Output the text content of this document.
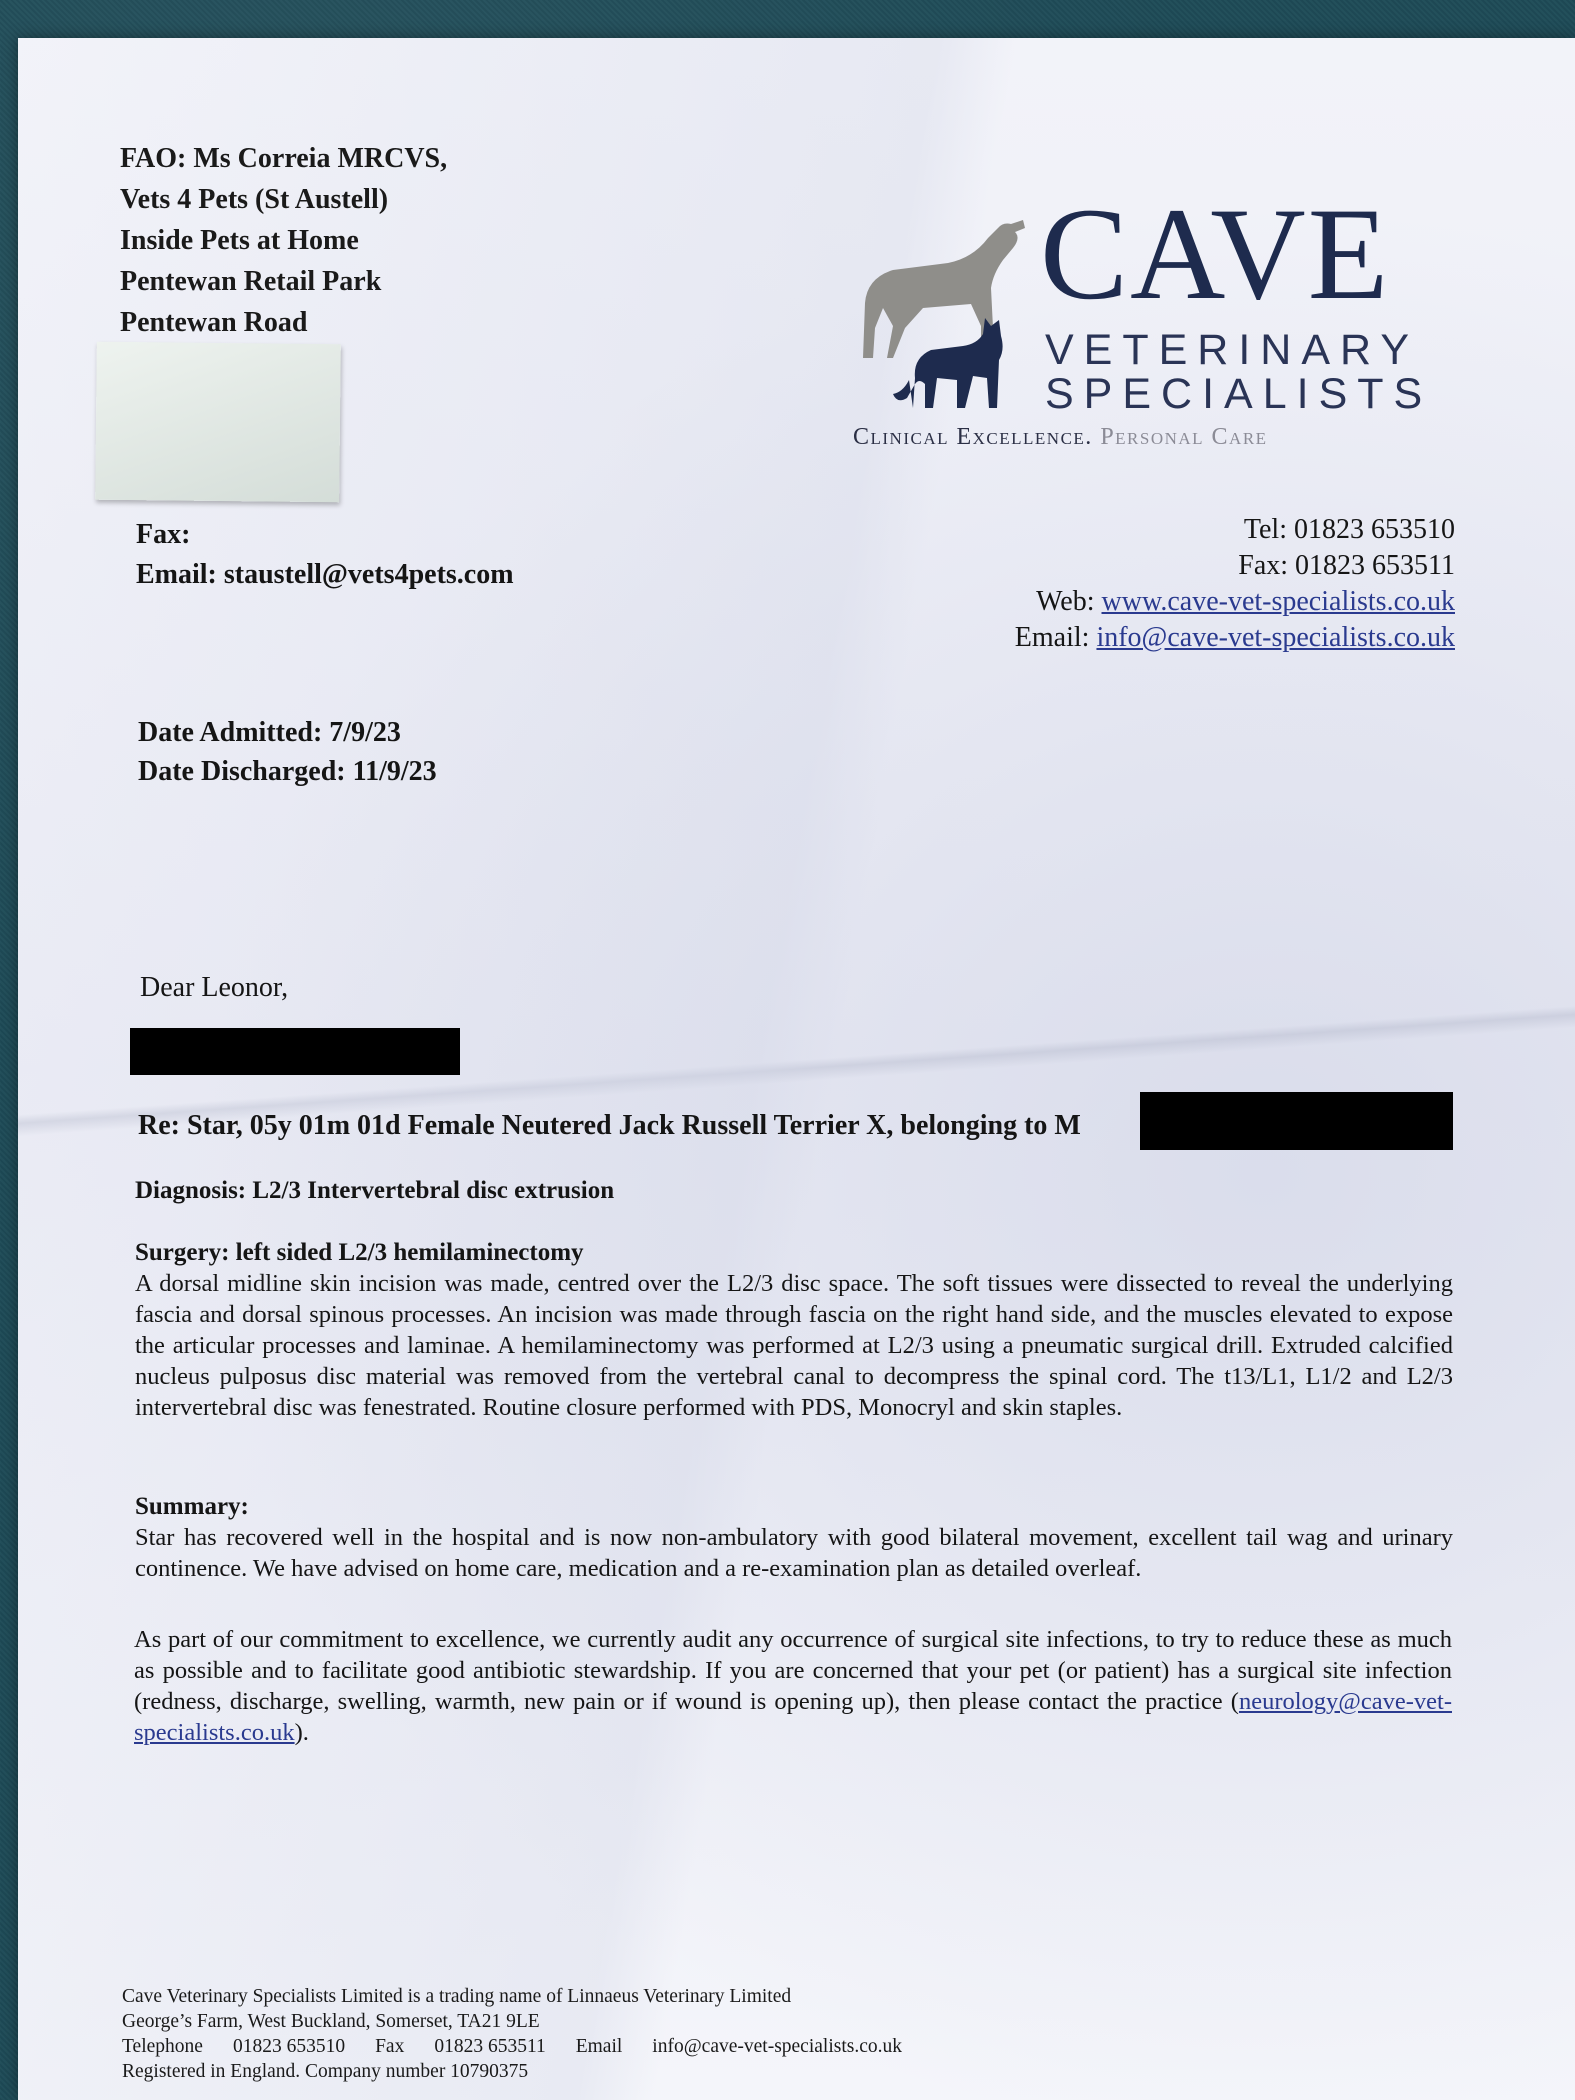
FAO: Ms Correia MRCVS,
Vets 4 Pets (St Austell)
Inside Pets at Home
Pentewan Retail Park
Pentewan Road
Fax:
Email: staustell@vets4pets.com
CAVE
VETERINARY
SPECIALISTS
Clinical Excellence. Personal Care
Tel: 01823 653510
Fax: 01823 653511
Web: www.cave-vet-specialists.co.uk
Email: info@cave-vet-specialists.co.uk
Date Admitted: 7/9/23
Date Discharged: 11/9/23
Dear Leonor,
Re: Star, 05y 01m 01d Female Neutered Jack Russell Terrier X, belonging to M
Diagnosis: L2/3 Intervertebral disc extrusion
Surgery: left sided L2/3 hemilaminectomy
A dorsal midline skin incision was made, centred over the L2/3 disc space. The soft tissues were dissected to reveal the underlying fascia and dorsal spinous processes. An incision was made through fascia on the right hand side, and the muscles elevated to expose the articular processes and laminae. A hemilaminectomy was performed at L2/3 using a pneumatic surgical drill. Extruded calcified nucleus pulposus disc material was removed from the vertebral canal to decompress the spinal cord. The t13/L1, L1/2 and L2/3 intervertebral disc was fenestrated. Routine closure performed with PDS, Monocryl and skin staples.
Summary:
Star has recovered well in the hospital and is now non-ambulatory with good bilateral movement, excellent tail wag and urinary continence. We have advised on home care, medication and a re-examination plan as detailed overleaf.
As part of our commitment to excellence, we currently audit any occurrence of surgical site infections, to try to reduce these as much as possible and to facilitate good antibiotic stewardship. If you are concerned that your pet (or patient) has a surgical site infection (redness, discharge, swelling, warmth, new pain or if wound is opening up), then please contact the practice (neurology@cave-vet-specialists.co.uk).
Cave Veterinary Specialists Limited is a trading name of Linnaeus Veterinary Limited
George’s Farm, West Buckland, Somerset, TA21 9LE
Telephone 01823 653510 Fax 01823 653511 Email info@cave-vet-specialists.co.uk
Registered in England. Company number 10790375
